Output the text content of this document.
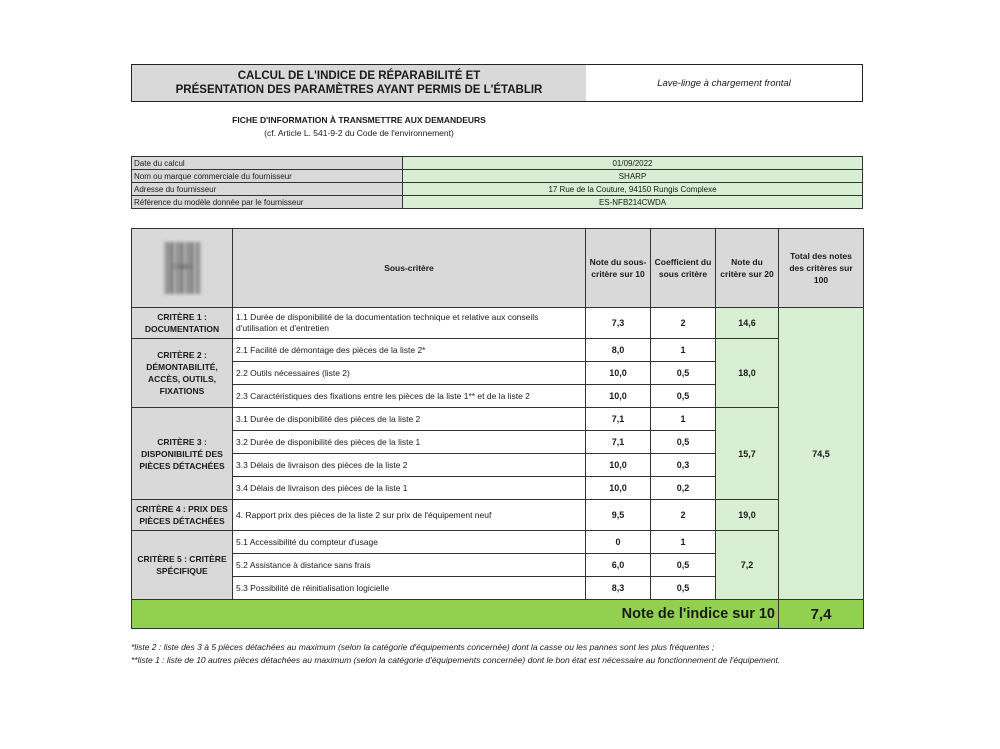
CALCUL DE L'INDICE DE RÉPARABILITÉ ET
PRÉSENTATION DES PARAMÈTRES AYANT PERMIS DE L'ÉTABLIR
Lave-linge à chargement frontal
FICHE D'INFORMATION À TRANSMETTRE AUX DEMANDEURS
(cf. Article L. 541-9-2 du Code de l'environnement)
Date du calcul	01/09/2022
Nom ou marque commerciale du fournisseur	SHARP
Adresse du fournisseur	17 Rue de la Couture, 94150 Rungis Complexe
Référence du modèle donnée par le fournisseur	ES-NFB214CWDA
Critère	Sous-critère	Note du sous-critère sur 10	Coefficient du sous critère	Note du critère sur 20	Total des notes des critères sur 100
CRITÈRE 1 : DOCUMENTATION	1.1 Durée de disponibilité de la documentation technique et relative aux conseils d'utilisation et d'entretien	7,3	2	14,6	74,5
CRITÈRE 2 : DÉMONTABILITÉ, ACCÈS, OUTILS, FIXATIONS	2.1 Facilité de démontage des pièces de la liste 2*	8,0	1	18,0	
	2.2 Outils nécessaires (liste 2)	10,0	0,5		
	2.3 Caractéristiques des fixations entre les pièces de la liste 1** et de la liste 2	10,0	0,5		
CRITÈRE 3 : DISPONIBILITÉ DES PIÈCES DÉTACHÉES	3.1 Durée de disponibilité des pièces de la liste 2	7,1	1	15,7	
	3.2 Durée de disponibilité des pièces de la liste 1	7,1	0,5		
	3.3 Délais de livraison des pièces de la liste 2	10,0	0,3		
	3.4 Délais de livraison des pièces de la liste 1	10,0	0,2		
CRITÈRE 4 : PRIX DES PIÈCES DÉTACHÉES	4. Rapport prix des pièces de la liste 2 sur prix de l'équipement neuf	9,5	2	19,0	
CRITÈRE 5 : CRITÈRE SPÉCIFIQUE	5.1 Accessibilité du compteur d'usage	0	1	7,2	
	5.2 Assistance à distance sans frais	6,0	0,5		
	5.3 Possibilité de réinitialisation logicielle	8,3	0,5		
Note de l'indice sur 10					7,4
*liste 2 : liste des 3 à 5 pièces détachées au maximum (selon la catégorie d'équipements concernée) dont la casse ou les pannes sont les plus fréquentes ;
**liste 1 : liste de 10 autres pièces détachées au maximum (selon la catégorie d'équipements concernée) dont le bon état est nécessaire au fonctionnement de l'équipement.
